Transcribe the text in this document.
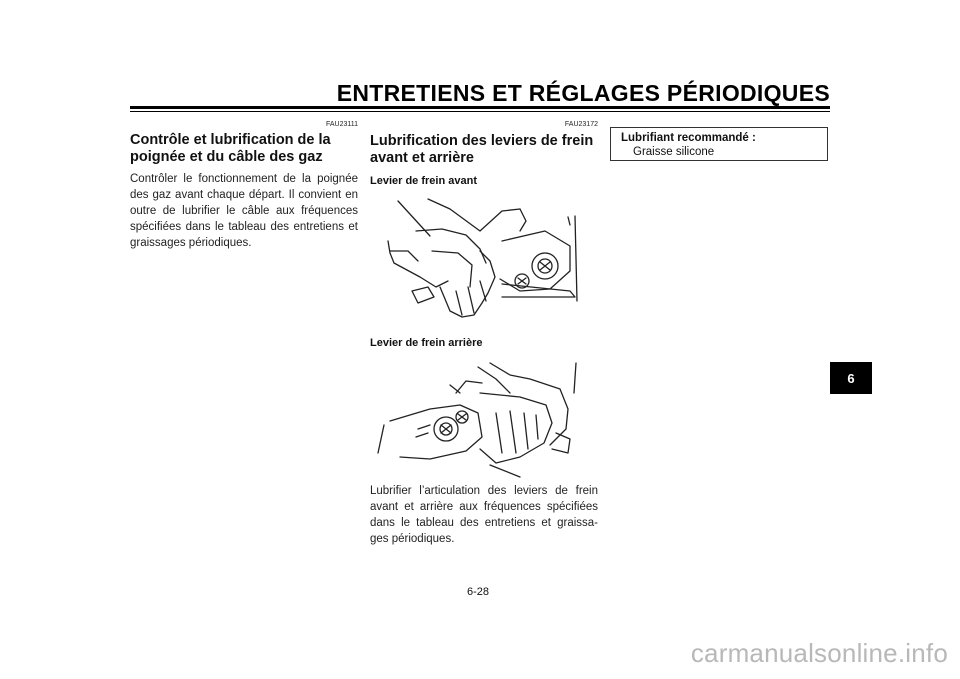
ENTRETIENS ET RÉGLAGES PÉRIODIQUES
FAU23111
Contrôle et lubrification de la poignée et du câble des gaz

Contrôler le fonctionnement de la poignée des gaz avant chaque départ. Il convient en outre de lubrifier le câble aux fréquences spécifiées dans le tableau des entretiens et graissages périodiques.

FAU23172
Lubrification des leviers de frein avant et arrière
Levier de frein avant
Levier de frein arrière

Lubrifier l’articulation des leviers de frein avant et arrière aux fréquences spécifiées dans le tableau des entretiens et graissa-ges périodiques.

Lubrifiant recommandé :
Graisse silicone
6
6-28
carmanualsonline.info
